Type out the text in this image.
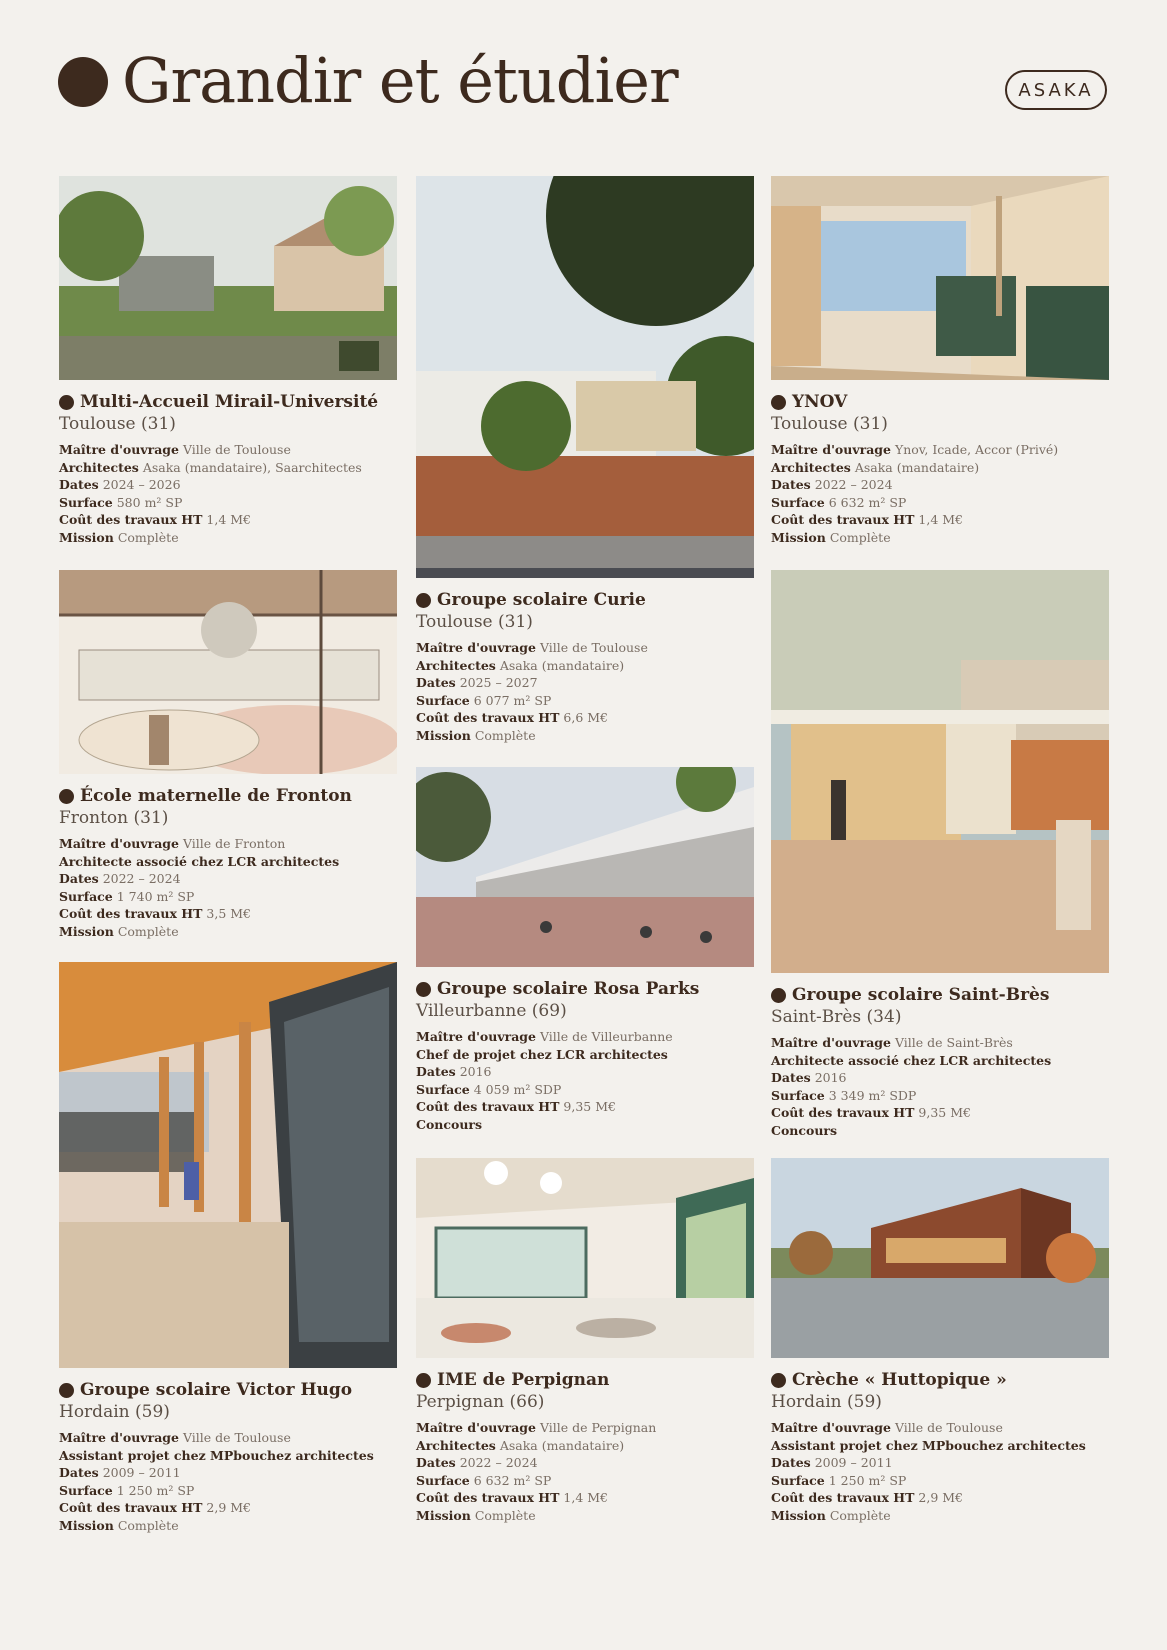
Grandir et étudier	ASAKA
Multi-Accueil Mirail-Université
Toulouse (31)
Maître d'ouvrage Ville de Toulouse
Architectes Asaka (mandataire), Saarchitectes
Dates 2024 – 2026
Surface 580 m² SP
Coût des travaux HT 1,4 M€
Mission Complète
École maternelle de Fronton
Fronton (31)
Maître d'ouvrage Ville de Fronton
Architecte associé chez LCR architectes
Dates 2022 – 2024
Surface 1 740 m² SP
Coût des travaux HT 3,5 M€
Mission Complète
Groupe scolaire Victor Hugo
Hordain (59)
Maître d'ouvrage Ville de Toulouse
Assistant projet chez MPbouchez architectes
Dates 2009 – 2011
Surface 1 250 m² SP
Coût des travaux HT 2,9 M€
Mission Complète
Groupe scolaire Curie
Toulouse (31)
Maître d'ouvrage Ville de Toulouse
Architectes Asaka (mandataire)
Dates 2025 – 2027
Surface 6 077 m² SP
Coût des travaux HT 6,6 M€
Mission Complète
Groupe scolaire Rosa Parks
Villeurbanne (69)
Maître d'ouvrage Ville de Villeurbanne
Chef de projet chez LCR architectes
Dates 2016
Surface 4 059 m² SDP
Coût des travaux HT 9,35 M€
Concours
IME de Perpignan
Perpignan (66)
Maître d'ouvrage Ville de Perpignan
Architectes Asaka (mandataire)
Dates 2022 – 2024
Surface 6 632 m² SP
Coût des travaux HT 1,4 M€
Mission Complète
YNOV
Toulouse (31)
Maître d'ouvrage Ynov, Icade, Accor (Privé)
Architectes Asaka (mandataire)
Dates 2022 – 2024
Surface 6 632 m² SP
Coût des travaux HT 1,4 M€
Mission Complète
Groupe scolaire Saint-Brès
Saint-Brès (34)
Maître d'ouvrage Ville de Saint-Brès
Architecte associé chez LCR architectes
Dates 2016
Surface 3 349 m² SDP
Coût des travaux HT 9,35 M€
Concours
Crèche « Huttopique »
Hordain (59)
Maître d'ouvrage Ville de Toulouse
Assistant projet chez MPbouchez architectes
Dates 2009 – 2011
Surface 1 250 m² SP
Coût des travaux HT 2,9 M€
Mission Complète
